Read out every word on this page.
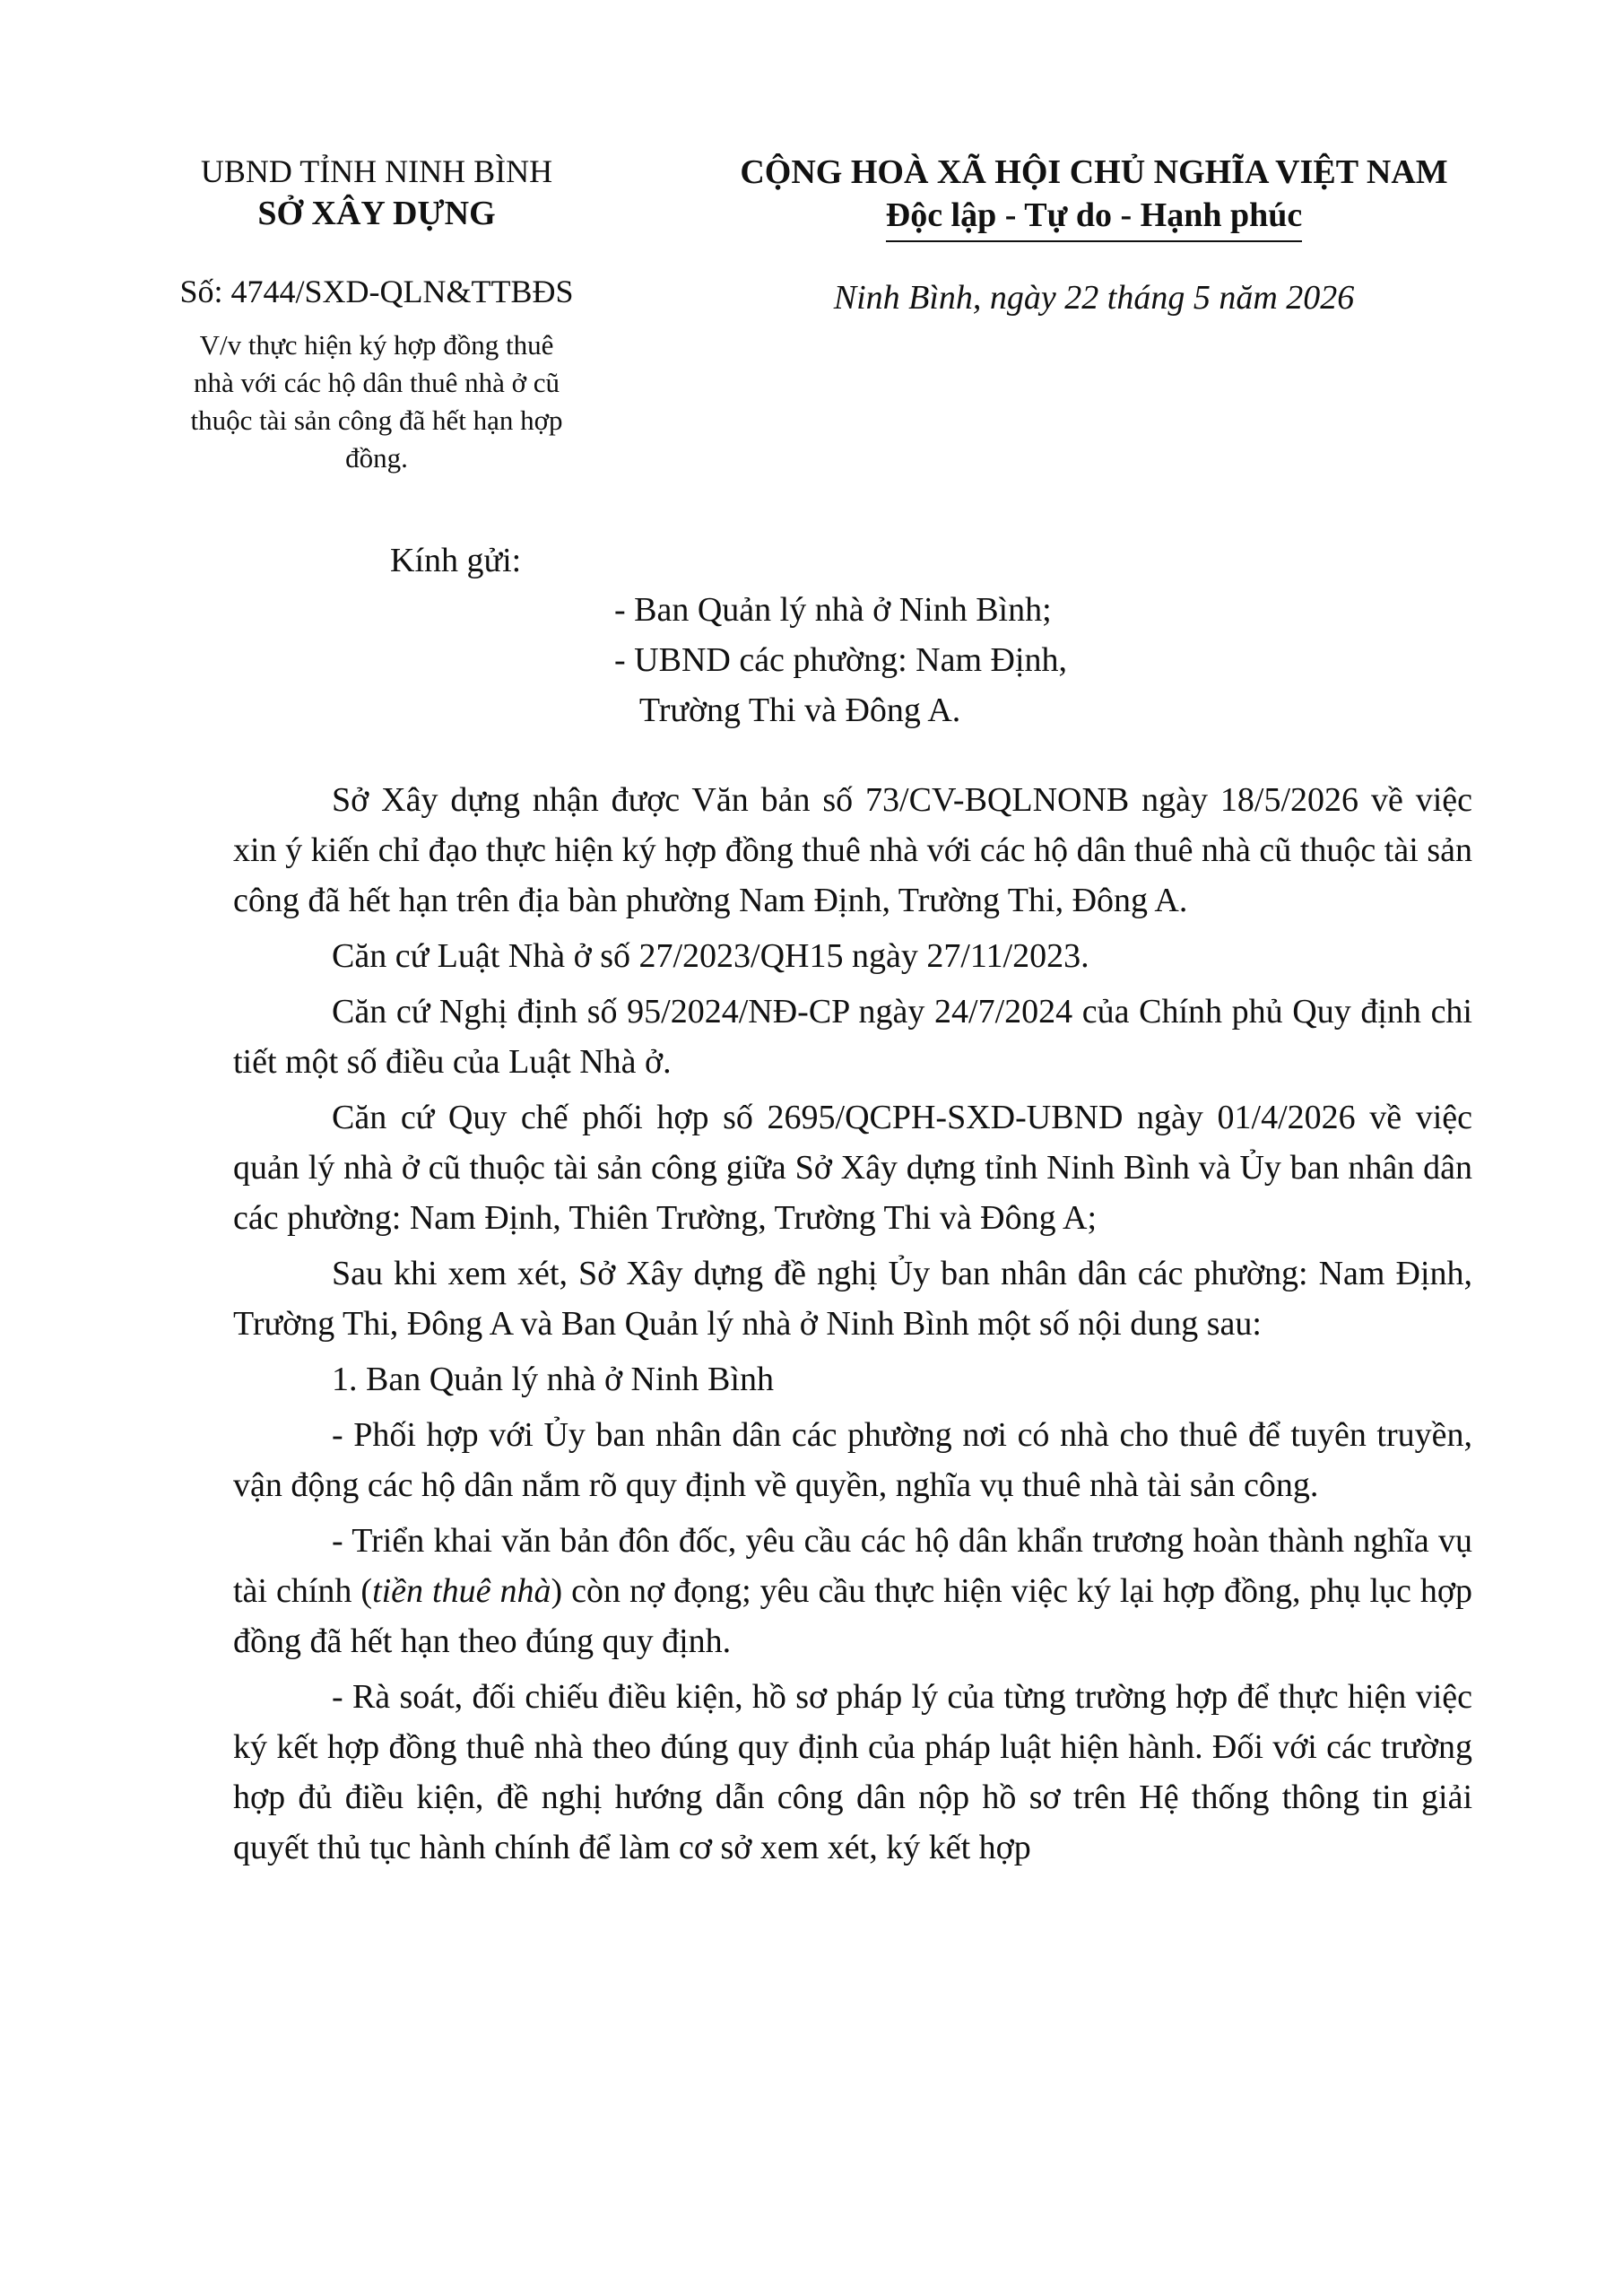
UBND TỈNH NINH BÌNH
SỞ XÂY DỰNG
Số: 4744/SXD-QLN&TTBĐS
V/v thực hiện ký hợp đồng thuê nhà với các hộ dân thuê nhà ở cũ thuộc tài sản công đã hết hạn hợp đồng.
CỘNG HOÀ XÃ HỘI CHỦ NGHĨA VIỆT NAM
Độc lập - Tự do - Hạnh phúc
Ninh Bình, ngày 22 tháng 5 năm 2026
Kính gửi:
- Ban Quản lý nhà ở Ninh Bình;
- UBND các phường: Nam Định,
Trường Thi và Đông A.

Sở Xây dựng nhận được Văn bản số 73/CV-BQLNONB ngày 18/5/2026 về việc xin ý kiến chỉ đạo thực hiện ký hợp đồng thuê nhà với các hộ dân thuê nhà cũ thuộc tài sản công đã hết hạn trên địa bàn phường Nam Định, Trường Thi, Đông A.

Căn cứ Luật Nhà ở số 27/2023/QH15 ngày 27/11/2023.

Căn cứ Nghị định số 95/2024/NĐ-CP ngày 24/7/2024 của Chính phủ Quy định chi tiết một số điều của Luật Nhà ở.

Căn cứ Quy chế phối hợp số 2695/QCPH-SXD-UBND ngày 01/4/2026 về việc quản lý nhà ở cũ thuộc tài sản công giữa Sở Xây dựng tỉnh Ninh Bình và Ủy ban nhân dân các phường: Nam Định, Thiên Trường, Trường Thi và Đông A;

Sau khi xem xét, Sở Xây dựng đề nghị Ủy ban nhân dân các phường: Nam Định, Trường Thi, Đông A và Ban Quản lý nhà ở Ninh Bình một số nội dung sau:

1. Ban Quản lý nhà ở Ninh Bình

- Phối hợp với Ủy ban nhân dân các phường nơi có nhà cho thuê để tuyên truyền, vận động các hộ dân nắm rõ quy định về quyền, nghĩa vụ thuê nhà tài sản công.

- Triển khai văn bản đôn đốc, yêu cầu các hộ dân khẩn trương hoàn thành nghĩa vụ tài chính (tiền thuê nhà) còn nợ đọng; yêu cầu thực hiện việc ký lại hợp đồng, phụ lục hợp đồng đã hết hạn theo đúng quy định.

- Rà soát, đối chiếu điều kiện, hồ sơ pháp lý của từng trường hợp để thực hiện việc ký kết hợp đồng thuê nhà theo đúng quy định của pháp luật hiện hành. Đối với các trường hợp đủ điều kiện, đề nghị hướng dẫn công dân nộp hồ sơ trên Hệ thống thông tin giải quyết thủ tục hành chính để làm cơ sở xem xét, ký kết hợp
